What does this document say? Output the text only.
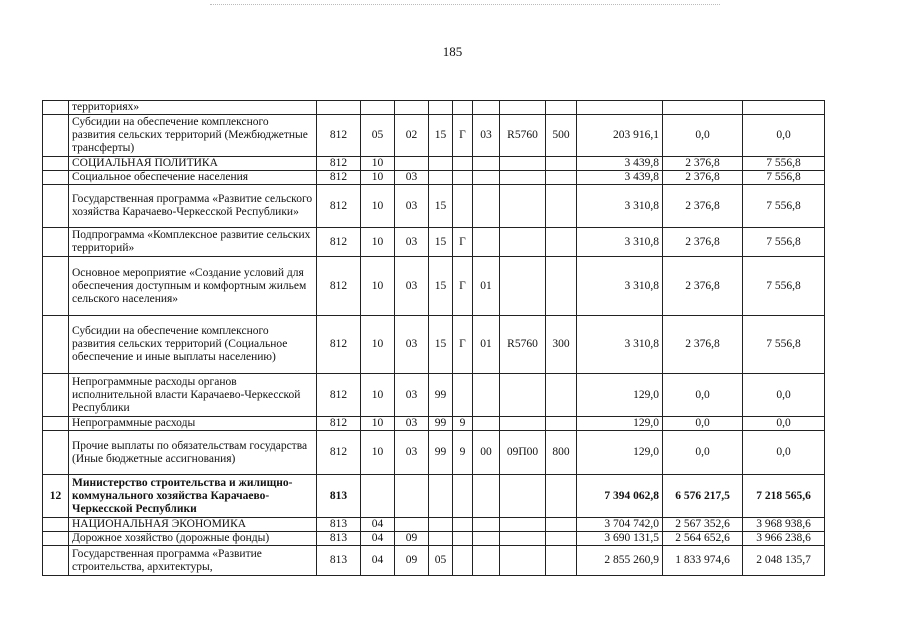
185
	территориях»											
	Субсидии на обеспечение комплексного развития сельских территорий (Межбюджетные трансферты)	812	05	02	15	Г	03	R5760	500	203 916,1	0,0	0,0
	СОЦИАЛЬНАЯ ПОЛИТИКА	812	10							3 439,8	2 376,8	7 556,8
	Социальное обеспечение населения	812	10	03						3 439,8	2 376,8	7 556,8
	Государственная программа «Развитие сельского хозяйства Карачаево-Черкесской Республики»	812	10	03	15					3 310,8	2 376,8	7 556,8
	Подпрограмма «Комплексное развитие сельских территорий»	812	10	03	15	Г				3 310,8	2 376,8	7 556,8
	Основное мероприятие «Создание условий для обеспечения доступным и комфортным жильем сельского населения»	812	10	03	15	Г	01			3 310,8	2 376,8	7 556,8
	Субсидии на обеспечение комплексного развития сельских территорий (Социальное обеспечение и иные выплаты населению)	812	10	03	15	Г	01	R5760	300	3 310,8	2 376,8	7 556,8
	Непрограммные расходы органов исполнительной власти Карачаево-Черкесской Республики	812	10	03	99					129,0	0,0	0,0
	Непрограммные расходы	812	10	03	99	9				129,0	0,0	0,0
	Прочие выплаты по обязательствам государства (Иные бюджетные ассигнования)	812	10	03	99	9	00	09П00	800	129,0	0,0	0,0
12	Министерство строительства и жилищно-коммунального хозяйства Карачаево-Черкесской Республики	813								7 394 062,8	6 576 217,5	7 218 565,6
	НАЦИОНАЛЬНАЯ ЭКОНОМИКА	813	04							3 704 742,0	2 567 352,6	3 968 938,6
	Дорожное хозяйство (дорожные фонды)	813	04	09						3 690 131,5	2 564 652,6	3 966 238,6
	Государственная программа «Развитие строительства, архитектуры,	813	04	09	05					2 855 260,9	1 833 974,6	2 048 135,7
